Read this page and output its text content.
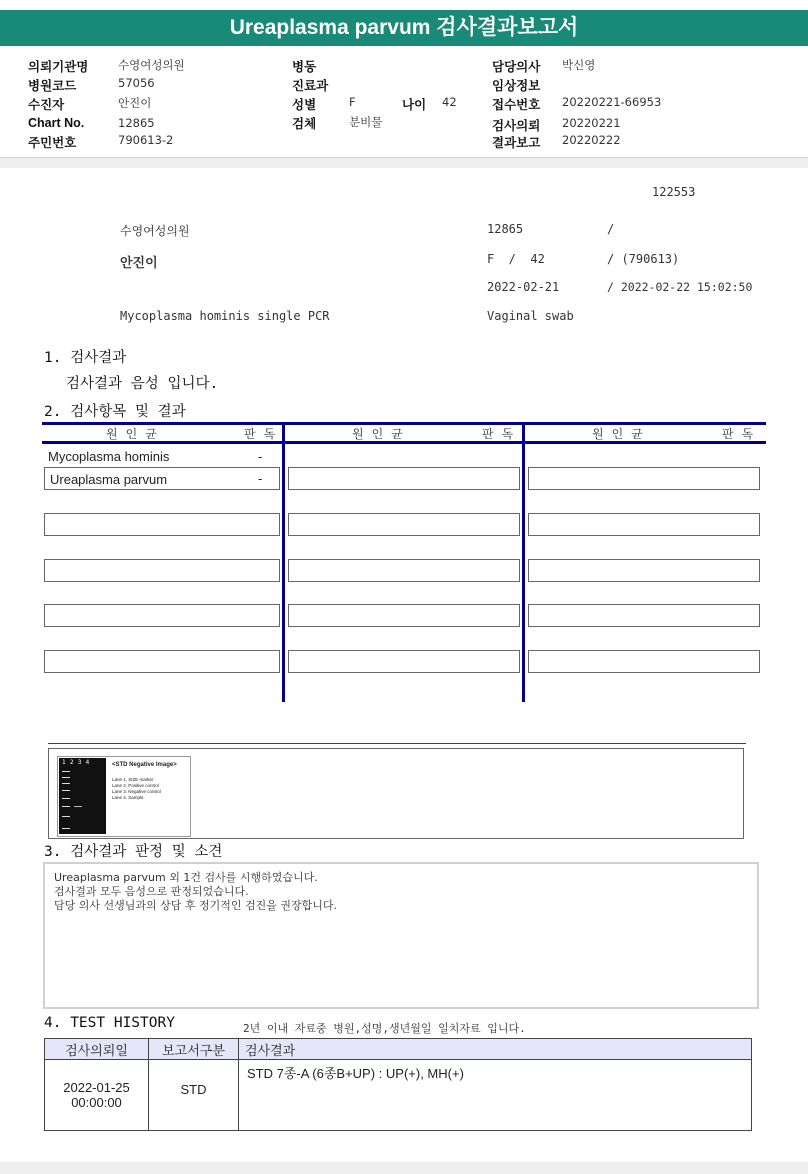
Ureaplasma parvum 검사결과보고서
의뢰기관명	수영여성의원
병원코드	57056
수진자	안진이
Chart No.	12865
주민번호	790613-2
병동
진료과
성별	F	나이 42
검체	분비물
담당의사 박신영
임상정보
접수번호 20220221-66953
검사의뢰 20220221
결과보고 20220222
122553
수영여성의원	12865	/
안진이	F  /  42	/ (790613)
2022-02-21	/ 2022-02-22 15:02:50
Mycoplasma hominis single PCR	Vaginal swab
1. 검사결과
검사결과 음성 입니다.
2. 검사항목 및 결과
원인균	판독	원인균	판독	원인균	판독
Mycoplasma hominis	-
Ureaplasma parvum	-
1234	<STD Negative Image>
Lane 1. SIZE marker
Lane 2. Positive control
Lane 3. Negative control
Lane 4. Sample
3. 검사결과 판정 및 소견
Ureaplasma parvum 외 1건 검사를 시행하였습니다.
검사결과 모두 음성으로 판정되었습니다.
담당 의사 선생님과의 상담 후 정기적인 검진을 권장합니다.
4. TEST HISTORY	2년 이내 자료중 병원,성명,생년월일 일치자료 입니다.
검사의뢰일	보고서구분	검사결과

2022-01-25
00:00:00	STD	STD 7종-A (6종B+UP) : UP(+), MH(+)
